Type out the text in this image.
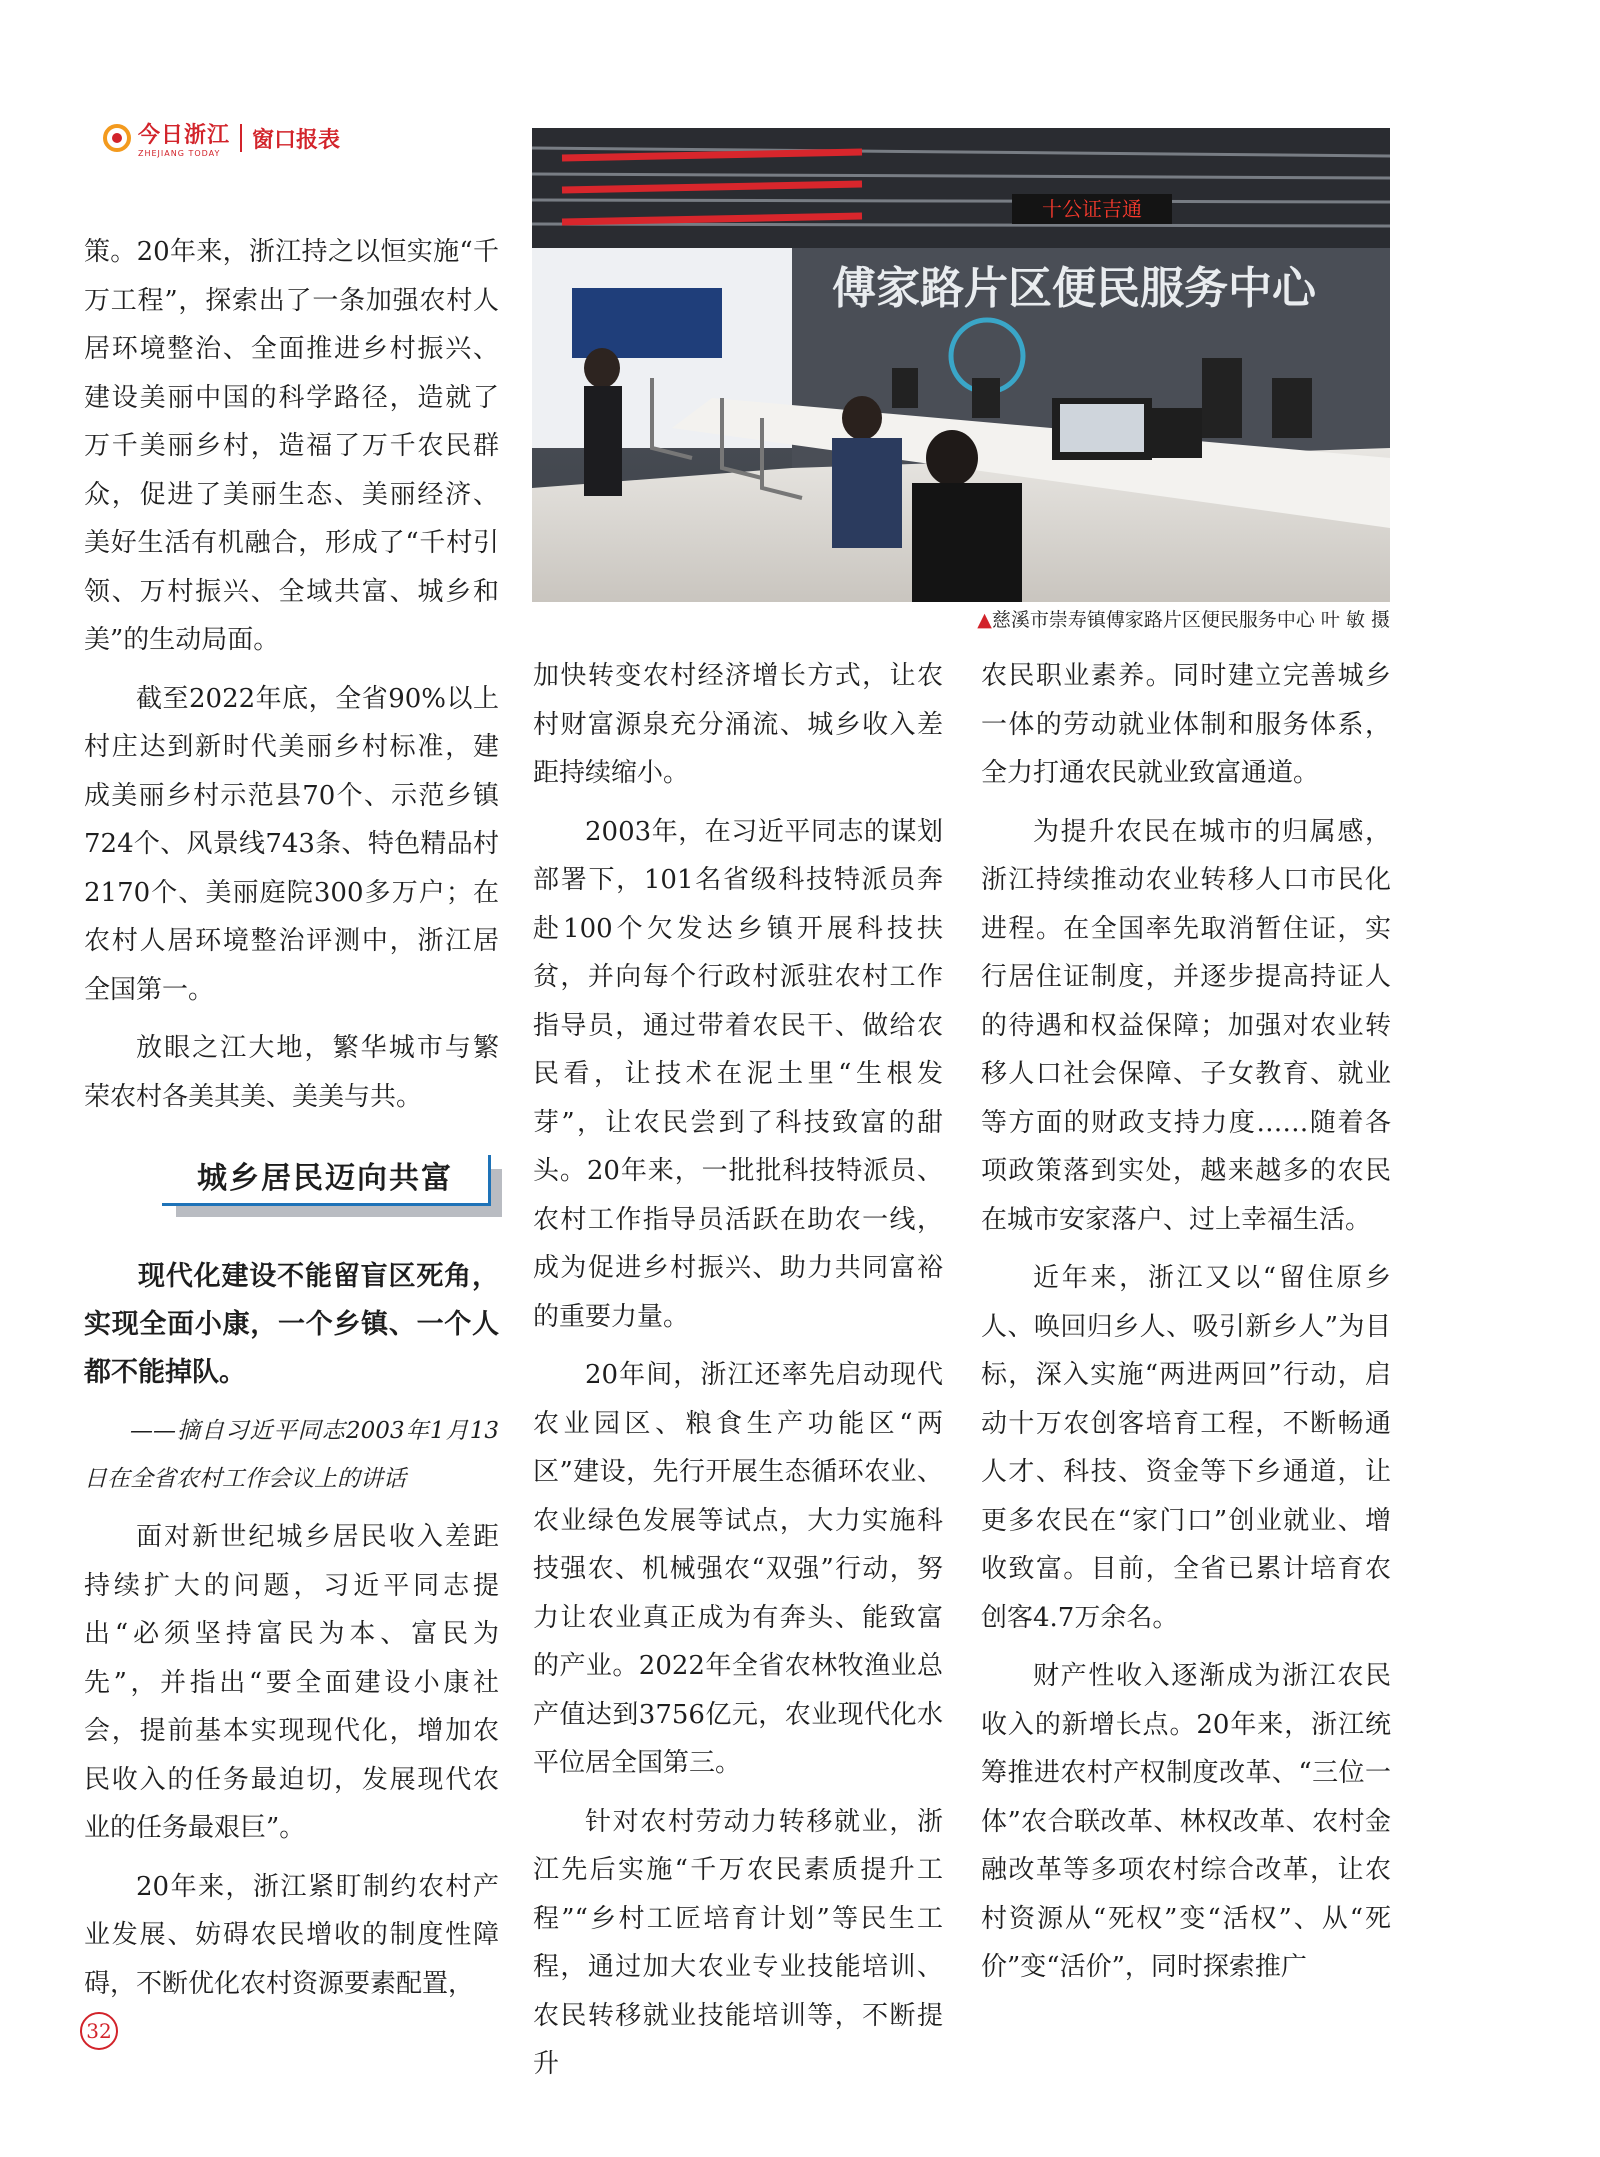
今日浙江
ZHEJIANG TODAY
窗口报表

策。20年来，浙江持之以恒实施“千万工程”，探索出了一条加强农村人居环境整治、全面推进乡村振兴、建设美丽中国的科学路径，造就了万千美丽乡村，造福了万千农民群众，促进了美丽生态、美丽经济、美好生活有机融合，形成了“千村引领、万村振兴、全域共富、城乡和美”的生动局面。

截至2022年底，全省90%以上村庄达到新时代美丽乡村标准，建成美丽乡村示范县70个、示范乡镇724个、风景线743条、特色精品村2170个、美丽庭院300多万户；在农村人居环境整治评测中，浙江居全国第一。

放眼之江大地，繁华城市与繁荣农村各美其美、美美与共。

城乡居民迈向共富

现代化建设不能留盲区死角，实现全面小康，一个乡镇、一个人都不能掉队。

——摘自习近平同志2003年1月13日在全省农村工作会议上的讲话

面对新世纪城乡居民收入差距持续扩大的问题，习近平同志提出“必须坚持富民为本、富民为先”，并指出“要全面建设小康社会，提前基本实现现代化，增加农民收入的任务最迫切，发展现代农业的任务最艰巨”。

20年来，浙江紧盯制约农村产业发展、妨碍农民增收的制度性障碍，不断优化农村资源要素配置，

十公证吉通
傅家路片区便民服务中心
▲慈溪市崇寿镇傅家路片区便民服务中心 叶 敏 摄

加快转变农村经济增长方式，让农村财富源泉充分涌流、城乡收入差距持续缩小。

2003年，在习近平同志的谋划部署下，101名省级科技特派员奔赴100个欠发达乡镇开展科技扶贫，并向每个行政村派驻农村工作指导员，通过带着农民干、做给农民看，让技术在泥土里“生根发芽”，让农民尝到了科技致富的甜头。20年来，一批批科技特派员、农村工作指导员活跃在助农一线，成为促进乡村振兴、助力共同富裕的重要力量。

20年间，浙江还率先启动现代农业园区、粮食生产功能区“两区”建设，先行开展生态循环农业、农业绿色发展等试点，大力实施科技强农、机械强农“双强”行动，努力让农业真正成为有奔头、能致富的产业。2022年全省农林牧渔业总产值达到3756亿元，农业现代化水平位居全国第三。

针对农村劳动力转移就业，浙江先后实施“千万农民素质提升工程”“乡村工匠培育计划”等民生工程，通过加大农业专业技能培训、农民转移就业技能培训等，不断提升

农民职业素养。同时建立完善城乡一体的劳动就业体制和服务体系，全力打通农民就业致富通道。

为提升农民在城市的归属感，浙江持续推动农业转移人口市民化进程。在全国率先取消暂住证，实行居住证制度，并逐步提高持证人的待遇和权益保障；加强对农业转移人口社会保障、子女教育、就业等方面的财政支持力度……随着各项政策落到实处，越来越多的农民在城市安家落户、过上幸福生活。

近年来，浙江又以“留住原乡人、唤回归乡人、吸引新乡人”为目标，深入实施“两进两回”行动，启动十万农创客培育工程，不断畅通人才、科技、资金等下乡通道，让更多农民在“家门口”创业就业、增收致富。目前，全省已累计培育农创客4.7万余名。

财产性收入逐渐成为浙江农民收入的新增长点。20年来，浙江统筹推进农村产权制度改革、“三位一体”农合联改革、林权改革、农村金融改革等多项农村综合改革，让农村资源从“死权”变“活权”、从“死价”变“活价”，同时探索推广

32
